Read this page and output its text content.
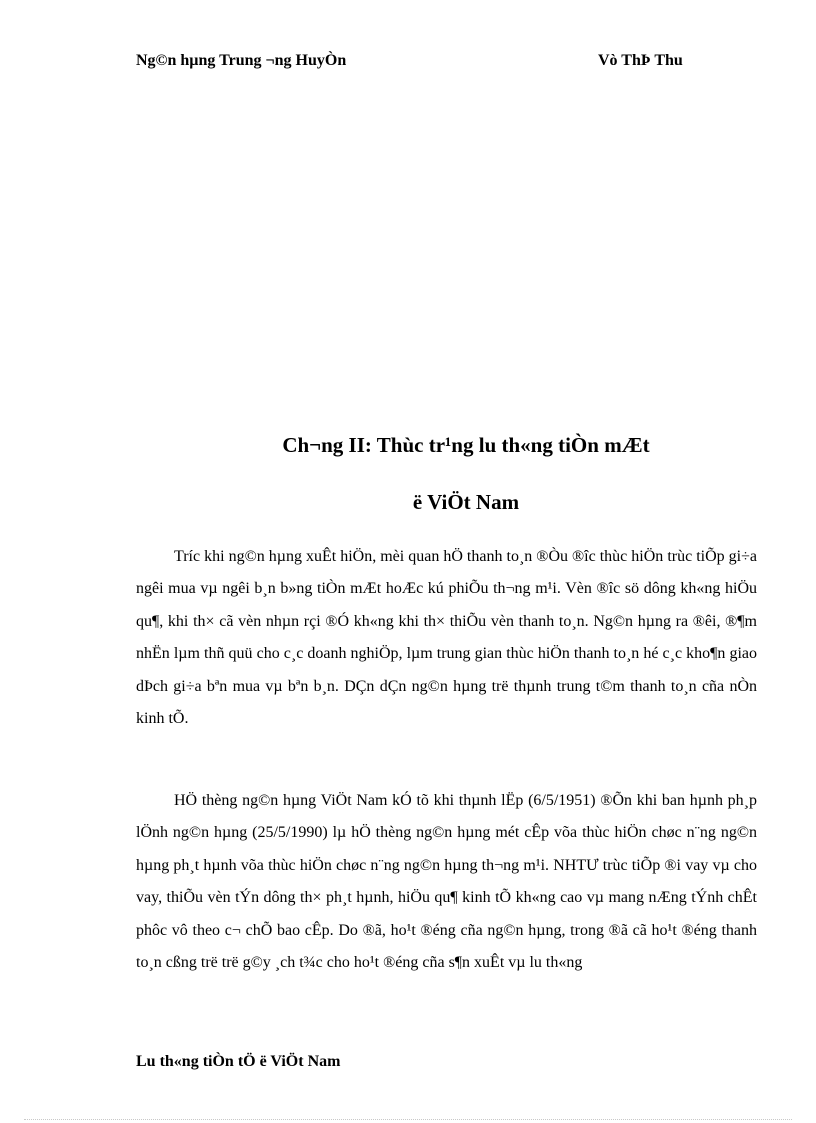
Ng©n hµng Trung ¬ng HuyÒn	Vò ThÞ Thu
Ch¬ng II: Thùc tr¹ng lu th«ng tiÒn mÆt
ë ViÖt Nam

Tríc khi ng©n hµng xuÊt hiÖn, mèi quan hÖ thanh to¸n ®Òu ®îc thùc hiÖn trùc tiÕp gi÷a ngêi mua vµ ngêi b¸n b»ng tiÒn mÆt hoÆc kú phiÕu th¬ng m¹i. Vèn ®îc sö dông kh«ng hiÖu qu¶, khi th× cã vèn nhµn rçi ®Ó kh«ng khi th× thiÕu vèn thanh to¸n. Ng©n hµng ra ®êi, ®¶m nhËn lµm thñ quü cho c¸c doanh nghiÖp, lµm trung gian thùc hiÖn thanh to¸n hé c¸c kho¶n giao dÞch gi÷a bªn mua vµ bªn b¸n. DÇn dÇn ng©n hµng trë thµnh trung t©m thanh to¸n cña nÒn kinh tÕ.

HÖ thèng ng©n hµng ViÖt Nam kÓ tõ khi thµnh lËp (6/5/1951) ®Õn khi ban hµnh ph¸p lÖnh ng©n hµng (25/5/1990) lµ hÖ thèng ng©n hµng mét cÊp võa thùc hiÖn chøc n¨ng ng©n hµng ph¸t hµnh võa thùc hiÖn chøc n¨ng ng©n hµng th¬ng m¹i. NHTƯ trùc tiÕp ®i vay vµ cho vay, thiÕu vèn tÝn dông th× ph¸t hµnh, hiÖu qu¶ kinh tÕ kh«ng cao vµ mang nÆng tÝnh chÊt phôc vô theo c¬ chÕ bao cÊp. Do ®ã, ho¹t ®éng cña ng©n hµng, trong ®ã cã ho¹t ®éng thanh to¸n cßng trë trë g©y ¸ch t¾c cho ho¹t ®éng cña s¶n xuÊt vµ lu th«ng

Lu th«ng tiÒn tÖ ë ViÖt Nam
